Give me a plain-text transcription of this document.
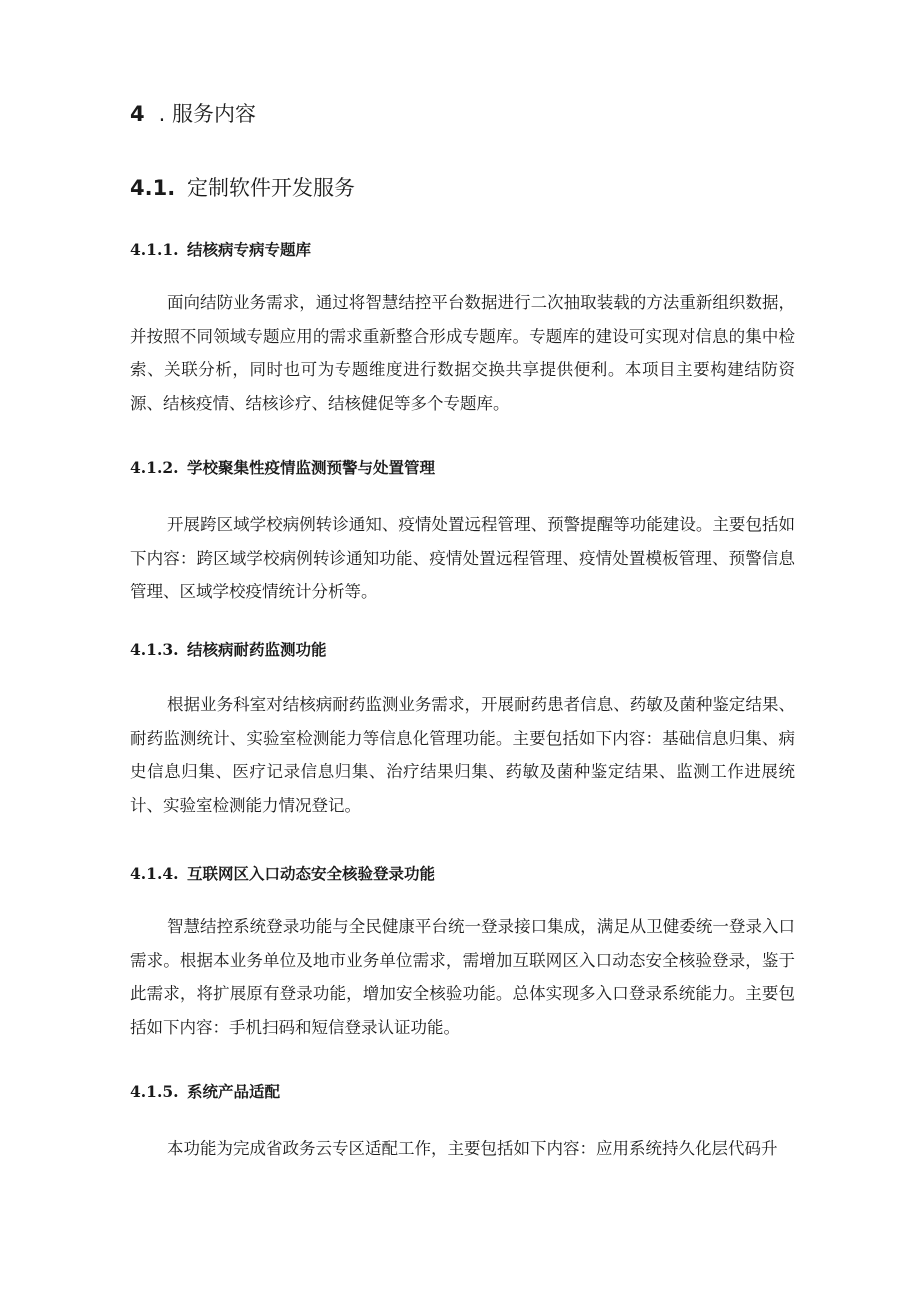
4 . 服务内容
4.1. 定制软件开发服务
4.1.1. 结核病专病专题库

面向结防业务需求，通过将智慧结控平台数据进行二次抽取装载的方法重新组织数据，并按照不同领域专题应用的需求重新整合形成专题库。专题库的建设可实现对信息的集中检索、关联分析，同时也可为专题维度进行数据交换共享提供便利。本项目主要构建结防资源、结核疫情、结核诊疗、结核健促等多个专题库。

4.1.2. 学校聚集性疫情监测预警与处置管理

开展跨区域学校病例转诊通知、疫情处置远程管理、预警提醒等功能建设。主要包括如下内容：跨区域学校病例转诊通知功能、疫情处置远程管理、疫情处置模板管理、预警信息管理、区域学校疫情统计分析等。

4.1.3. 结核病耐药监测功能

根据业务科室对结核病耐药监测业务需求，开展耐药患者信息、药敏及菌种鉴定结果、耐药监测统计、实验室检测能力等信息化管理功能。主要包括如下内容：基础信息归集、病史信息归集、医疗记录信息归集、治疗结果归集、药敏及菌种鉴定结果、监测工作进展统计、实验室检测能力情况登记。

4.1.4. 互联网区入口动态安全核验登录功能

智慧结控系统登录功能与全民健康平台统一登录接口集成，满足从卫健委统一登录入口需求。根据本业务单位及地市业务单位需求，需增加互联网区入口动态安全核验登录，鉴于此需求，将扩展原有登录功能，增加安全核验功能。总体实现多入口登录系统能力。主要包括如下内容：手机扫码和短信登录认证功能。

4.1.5. 系统产品适配

本功能为完成省政务云专区适配工作，主要包括如下内容：应用系统持久化层代码升
